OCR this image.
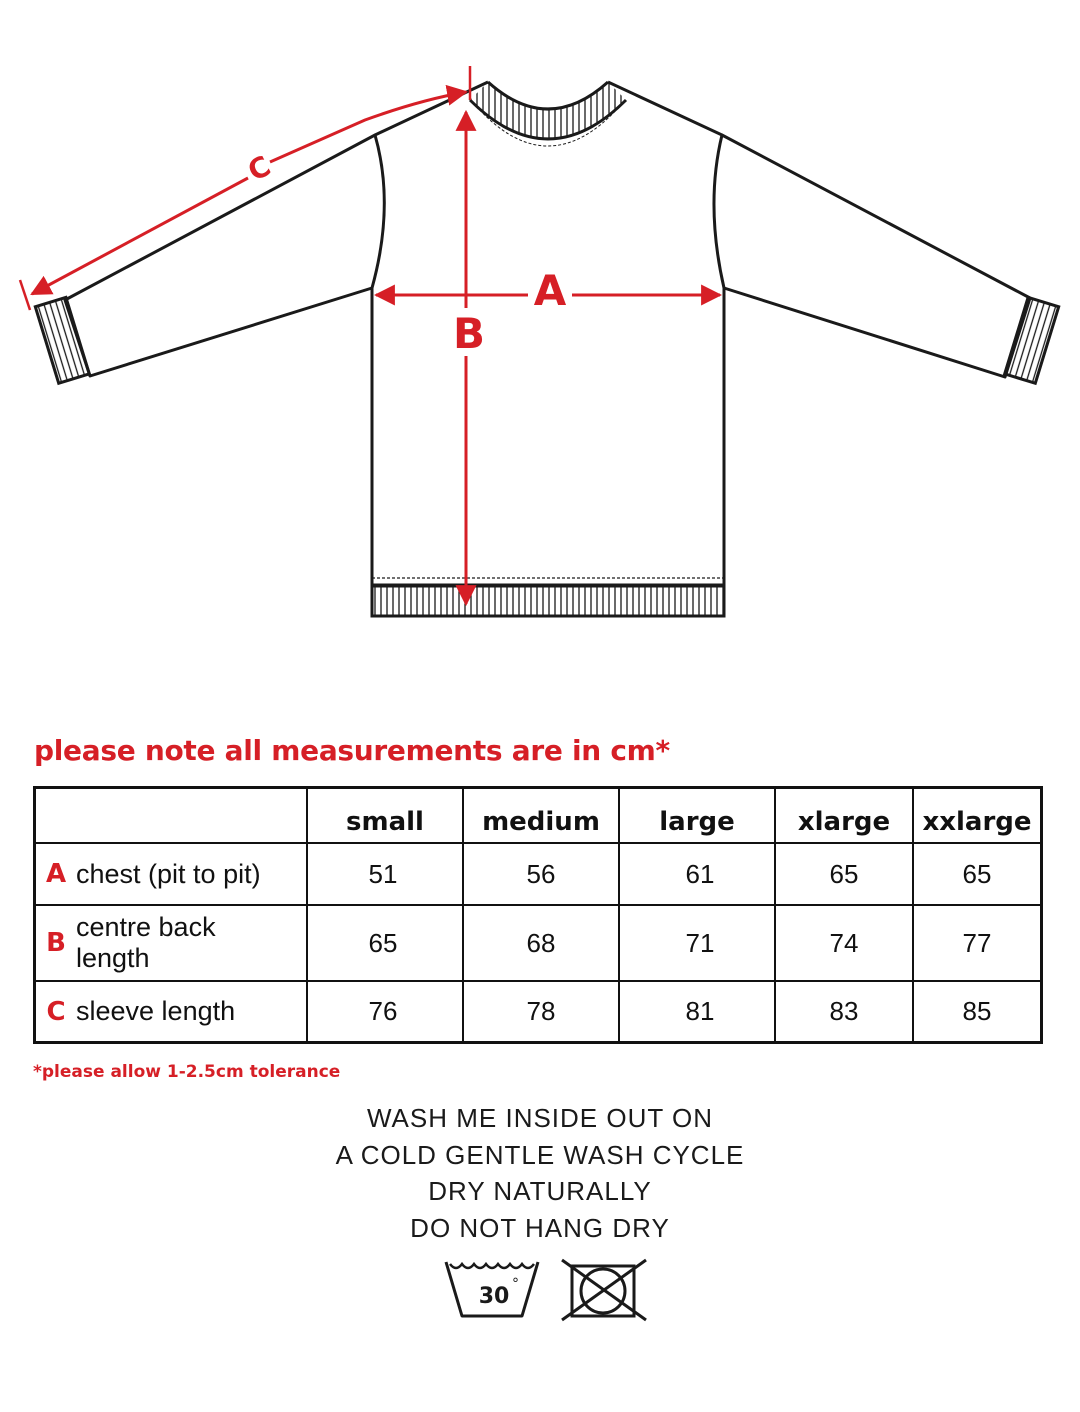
A
B
C
please note all measurements are in cm*
small	medium	large	xlarge	xxlarge
A chest (pit to pit)	51	56	61	65	65
B
centre back
length
65	68	71	74	77
C sleeve length	76	78	81	83	85
*please allow 1-2.5cm tolerance
WASH ME INSIDE OUT ON
A COLD GENTLE WASH CYCLE
DRY NATURALLY
DO NOT HANG DRY
30 °
